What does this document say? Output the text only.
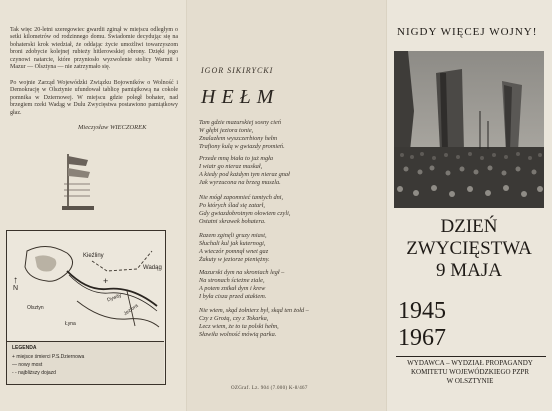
Tak więc 20-letni szeregowiec gwardii zginął w miejscu odległym o setki kilometrów od rodzinnego domu. Świadomie decydując się na bohaterski krok wiedział, że oddając życie umożliwi towarzyszom broni zdobycie kolejnej rubieży hitlerowskiej obrony. Dzięki jego czynowi natarcie, które przyniosło wyzwolenie stolicy Warmii i Mazur — Olsztyna — nie zatrzymało się.
Po wojnie Zarząd Wojewódzki Związku Bojowników o Wolność i Demokrację w Olsztynie ufundował tablicę pamiątkową na cokole pomnika w Dziernowej. W miejscu gdzie poległ bohater, nad brzegiem rzeki Wadąg w Dulu Zwycięstwa postawiono pamiątkowy głaz.
Mieczysław WIECZOREK
+
↑
Kieźliny
Wadąg
Dywity
Jeziora
Olsztyn
Łyna
N
LEGENDA
+ miejsce śmierci P.S.Dziernowa
— nowy most
- - najbliższy dojazd
IGOR SIKIRYCKI
HEŁM
Tam gdzie mazurskiej sosny cień
W głębi jeziora tonie,
Znalazłem wyszczerbiony hełm
Trafiony kulą w gwiazdy promień.
Przede mną biała to już mgła
I wiatr go nieraz muskał,
A kiedy pod każdym tym nieraz gnał
Jak wyrzucona na brzeg muszla.
Nie mógł zapomnieć tamtych dni,
Po których ślad się zatarł,
Gdy gwiazdobrotnym ołowiem czyli,
Ostatni skrawek bohatera.
Razem zginęli gruzy miast,
Słuchali kul jak kuternogi,
A wieczór pomnął wnet gaz
Żakuty w jeziorze pieniężny.
Mazurski dym na skroniach legł –
Na stronach ścieżne ziale,
A potem znikał dym i krew
I była cisza przed atakiem.
Nie wiem, skąd żołnierz był, skąd ten żołd –
Czy z Grożą, czy z Tokarka,
Lecz wiem, że to ta polski hełm,
Sławiła wolność mówią parka.
OZGraf. Lz. 904 (7.000) K-8/467
NIGDY WIĘCEJ WOJNY!
DZIEŃ
ZWYCIĘSTWA
9 MAJA
1945
1967
WYDAWCA – WYDZIAŁ PROPAGANDY
KOMITETU WOJEWÓDZKIEGO PZPR
W OLSZTYNIE
